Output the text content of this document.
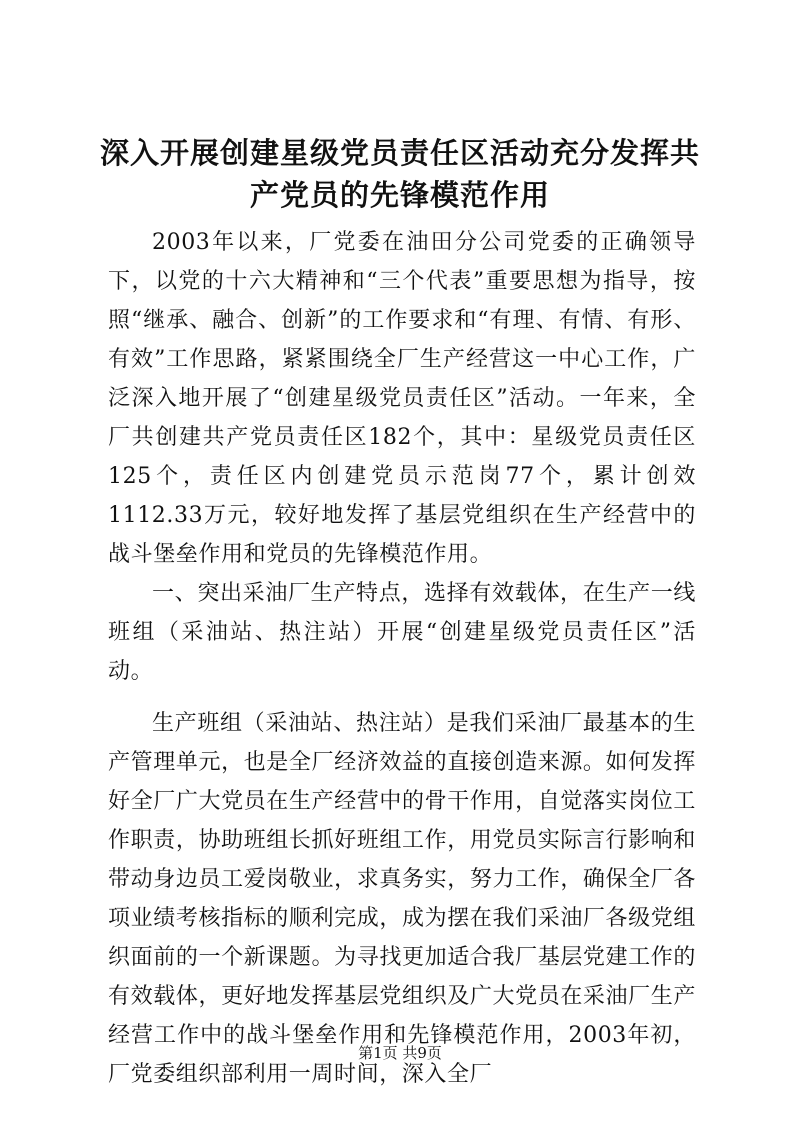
深入开展创建星级党员责任区活动充分发挥共
产党员的先锋模范作用

2003年以来，厂党委在油田分公司党委的正确领导下，以党的十六大精神和“三个代表”重要思想为指导，按照“继承、融合、创新”的工作要求和“有理、有情、有形、有效”工作思路，紧紧围绕全厂生产经营这一中心工作，广泛深入地开展了“创建星级党员责任区”活动。一年来，全厂共创建共产党员责任区182个，其中：星级党员责任区125个，责任区内创建党员示范岗77个，累计创效1112.33万元，较好地发挥了基层党组织在生产经营中的战斗堡垒作用和党员的先锋模范作用。

一、突出采油厂生产特点，选择有效载体，在生产一线班组（采油站、热注站）开展“创建星级党员责任区”活动。

生产班组（采油站、热注站）是我们采油厂最基本的生产管理单元，也是全厂经济效益的直接创造来源。如何发挥好全厂广大党员在生产经营中的骨干作用，自觉落实岗位工作职责，协助班组长抓好班组工作，用党员实际言行影响和带动身边员工爱岗敬业，求真务实，努力工作，确保全厂各项业绩考核指标的顺利完成，成为摆在我们采油厂各级党组织面前的一个新课题。为寻找更加适合我厂基层党建工作的有效载体，更好地发挥基层党组织及广大党员在采油厂生产经营工作中的战斗堡垒作用和先锋模范作用，2003年初，厂党委组织部利用一周时间，深入全厂

第1页 共9页
